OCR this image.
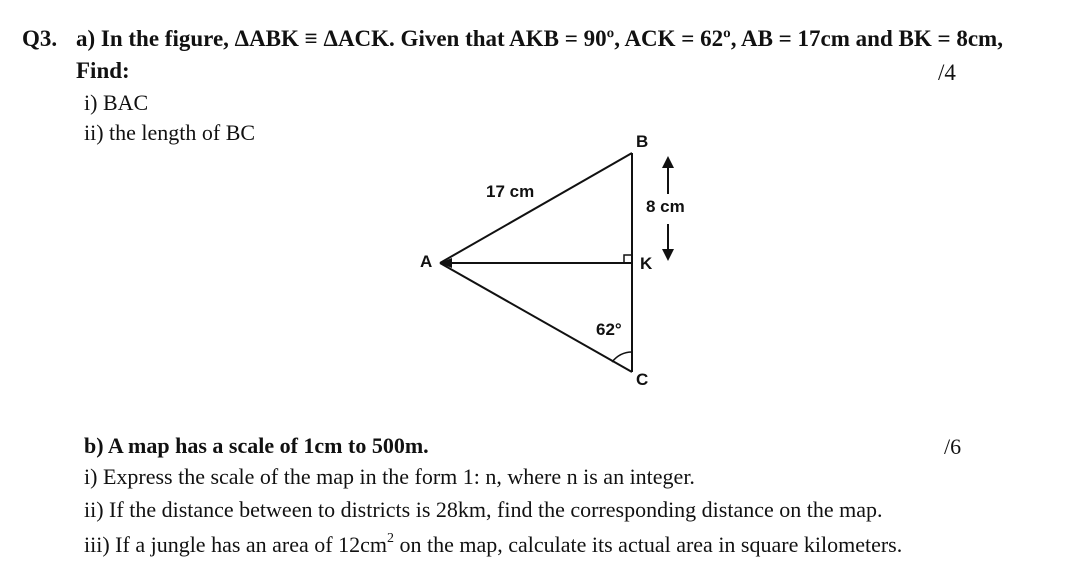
Q3. a) In the figure, ΔABK ≡ ΔACK. Given that AKB = 90º, ACK = 62º, AB = 17cm and BK = 8cm,
Find:	/4
i) BAC
ii) the length of BC	B
A	K
C
17 cm
8 cm
62°
b) A map has a scale of 1cm to 500m.	/6
i) Express the scale of the map in the form 1: n, where n is an integer.
ii) If the distance between to districts is 28km, find the corresponding distance on the map.
iii) If a jungle has an area of $12cm^2$ on the map, calculate its actual area in square kilometers.
